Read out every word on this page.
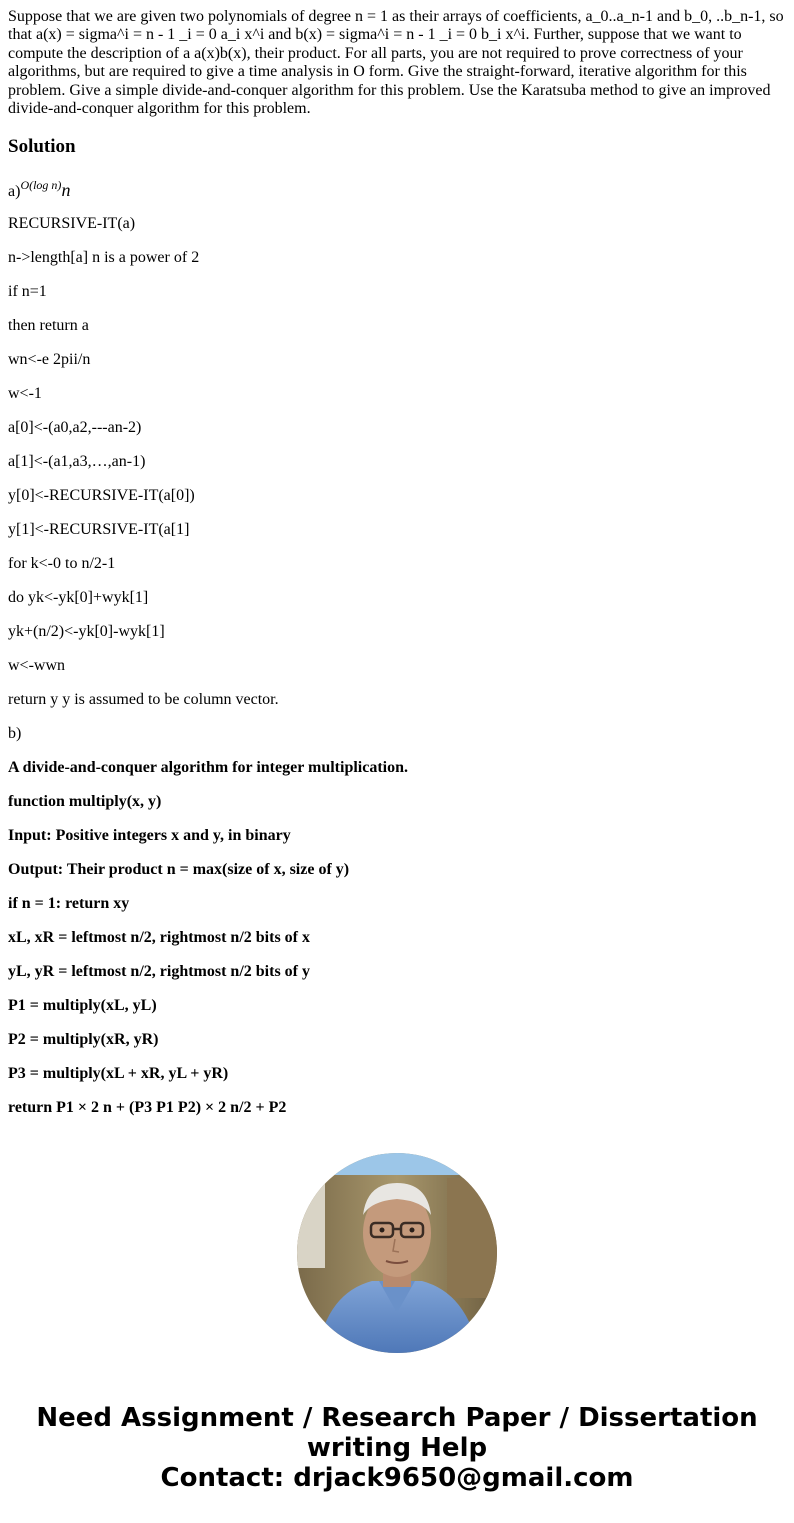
Suppose that we are given two polynomials of degree n = 1 as their arrays of coefficients, a_0..a_n-1 and b_0, ..b_n-1, so that a(x) = sigma^i = n - 1 _i = 0 a_i x^i and b(x) = sigma^i = n - 1 _i = 0 b_i x^i. Further, suppose that we want to compute the description of a a(x)b(x), their product. For all parts, you are not required to prove correctness of your algorithms, but are required to give a time analysis in O form. Give the straight-forward, iterative algorithm for this problem. Give a simple divide-and-conquer algorithm for this problem. Use the Karatsuba method to give an improved divide-and-conquer algorithm for this problem.

Solution
a)$^{O(log n)}$n
RECURSIVE-IT(a)
n->length[a] n is a power of 2
if n=1
then return a
wn<-e 2pii/n
w<-1
a[0]<-(a0,a2,---an-2)
a[1]<-(a1,a3,…,an-1)
y[0]<-RECURSIVE-IT(a[0])
y[1]<-RECURSIVE-IT(a[1]
for k<-0 to n/2-1
do yk<-yk[0]+wyk[1]
yk+(n/2)<-yk[0]-wyk[1]
w<-wwn
return y y is assumed to be column vector.
b)
A divide-and-conquer algorithm for integer multiplication.
function multiply(x, y)
Input: Positive integers x and y, in binary
Output: Their product n = max(size of x, size of y)
if n = 1: return xy
xL, xR = leftmost n/2, rightmost n/2 bits of x
yL, yR = leftmost n/2, rightmost n/2 bits of y
P1 = multiply(xL, yL)
P2 = multiply(xR, yR)
P3 = multiply(xL + xR, yL + yR)
return P1 × 2 n + (P3 P1 P2) × 2 n/2 + P2
Need Assignment / Research Paper / Dissertation
writing Help
Contact: drjack9650@gmail.com
